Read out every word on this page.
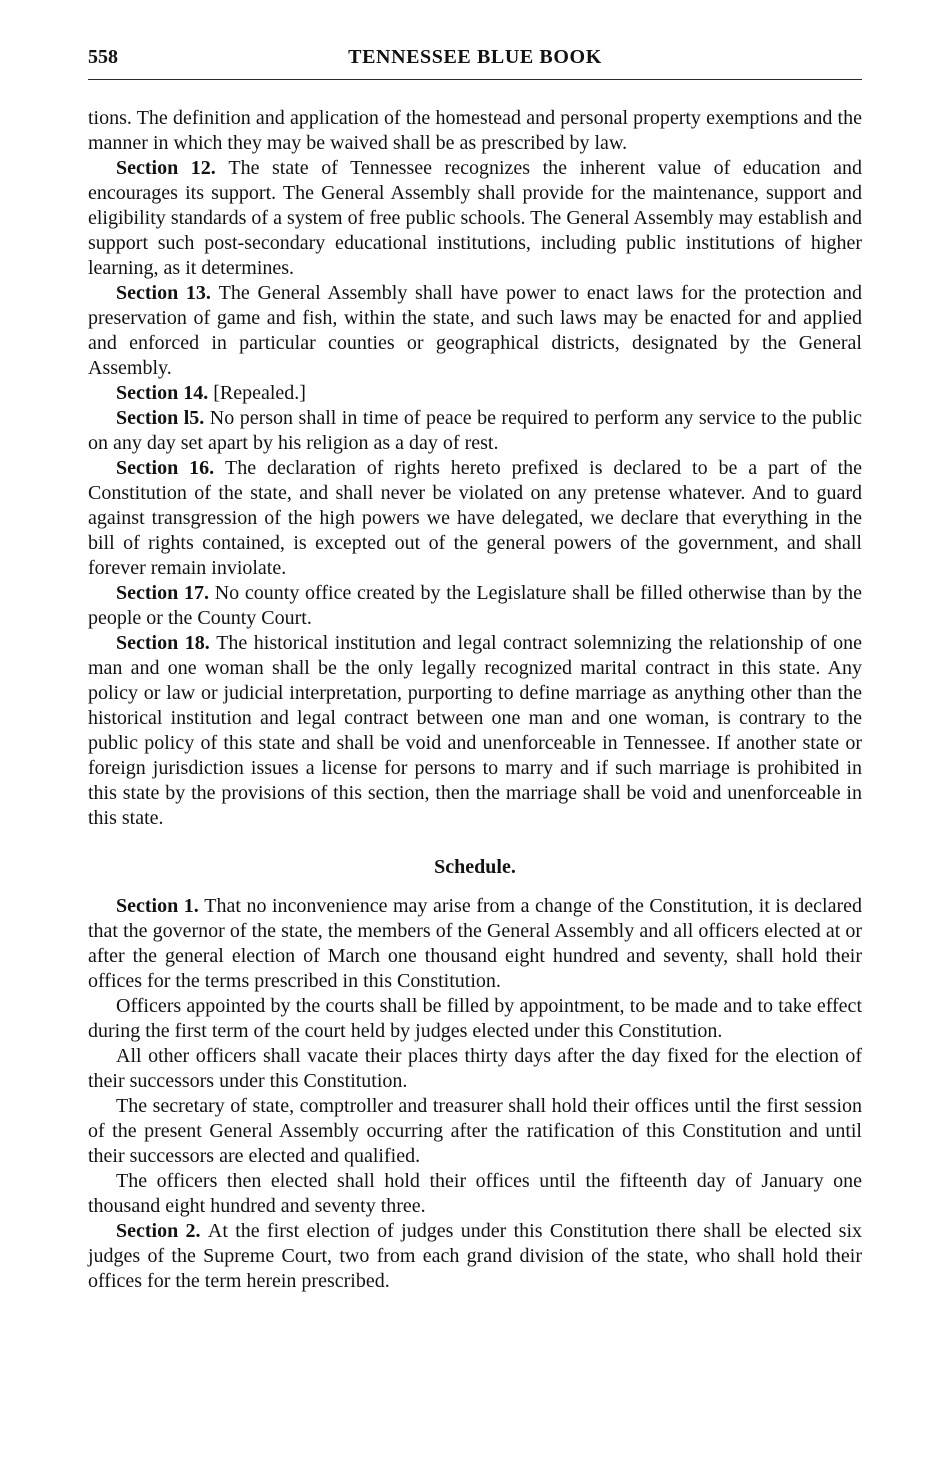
558	TENNESSEE BLUE BOOK

tions. The definition and application of the homestead and personal property exemptions and the manner in which they may be waived shall be as prescribed by law.

Section 12. The state of Tennessee recognizes the inherent value of education and encourages its support. The General Assembly shall provide for the maintenance, support and eligibility standards of a system of free public schools. The General Assembly may establish and support such post-secondary educational institutions, including public institutions of higher learning, as it determines.

Section 13. The General Assembly shall have power to enact laws for the protection and preservation of game and fish, within the state, and such laws may be enacted for and applied and enforced in particular counties or geographical districts, designated by the General Assembly.

Section 14. [Repealed.]

Section l5. No person shall in time of peace be required to perform any service to the public on any day set apart by his religion as a day of rest.

Section 16. The declaration of rights hereto prefixed is declared to be a part of the Constitution of the state, and shall never be violated on any pretense whatever. And to guard against transgression of the high powers we have delegated, we declare that everything in the bill of rights contained, is excepted out of the general powers of the government, and shall forever remain inviolate.

Section 17. No county office created by the Legislature shall be filled otherwise than by the people or the County Court.

Section 18. The historical institution and legal contract solemnizing the relationship of one man and one woman shall be the only legally recognized marital contract in this state. Any policy or law or judicial interpretation, purporting to define marriage as anything other than the historical institution and legal contract between one man and one woman, is contrary to the public policy of this state and shall be void and unenforceable in Tennessee. If another state or foreign jurisdiction issues a license for persons to marry and if such marriage is prohibited in this state by the provisions of this section, then the marriage shall be void and unenforceable in this state.

Schedule.

Section 1. That no inconvenience may arise from a change of the Constitution, it is declared that the governor of the state, the members of the General Assembly and all officers elected at or after the general election of March one thousand eight hundred and seventy, shall hold their offices for the terms prescribed in this Constitution.

Officers appointed by the courts shall be filled by appointment, to be made and to take effect during the first term of the court held by judges elected under this Constitution.

All other officers shall vacate their places thirty days after the day fixed for the election of their successors under this Constitution.

The secretary of state, comptroller and treasurer shall hold their offices until the first session of the present General Assembly occurring after the ratification of this Constitution and until their successors are elected and qualified.

The officers then elected shall hold their offices until the fifteenth day of January one thousand eight hundred and seventy three.

Section 2. At the first election of judges under this Constitution there shall be elected six judges of the Supreme Court, two from each grand division of the state, who shall hold their offices for the term herein prescribed.
